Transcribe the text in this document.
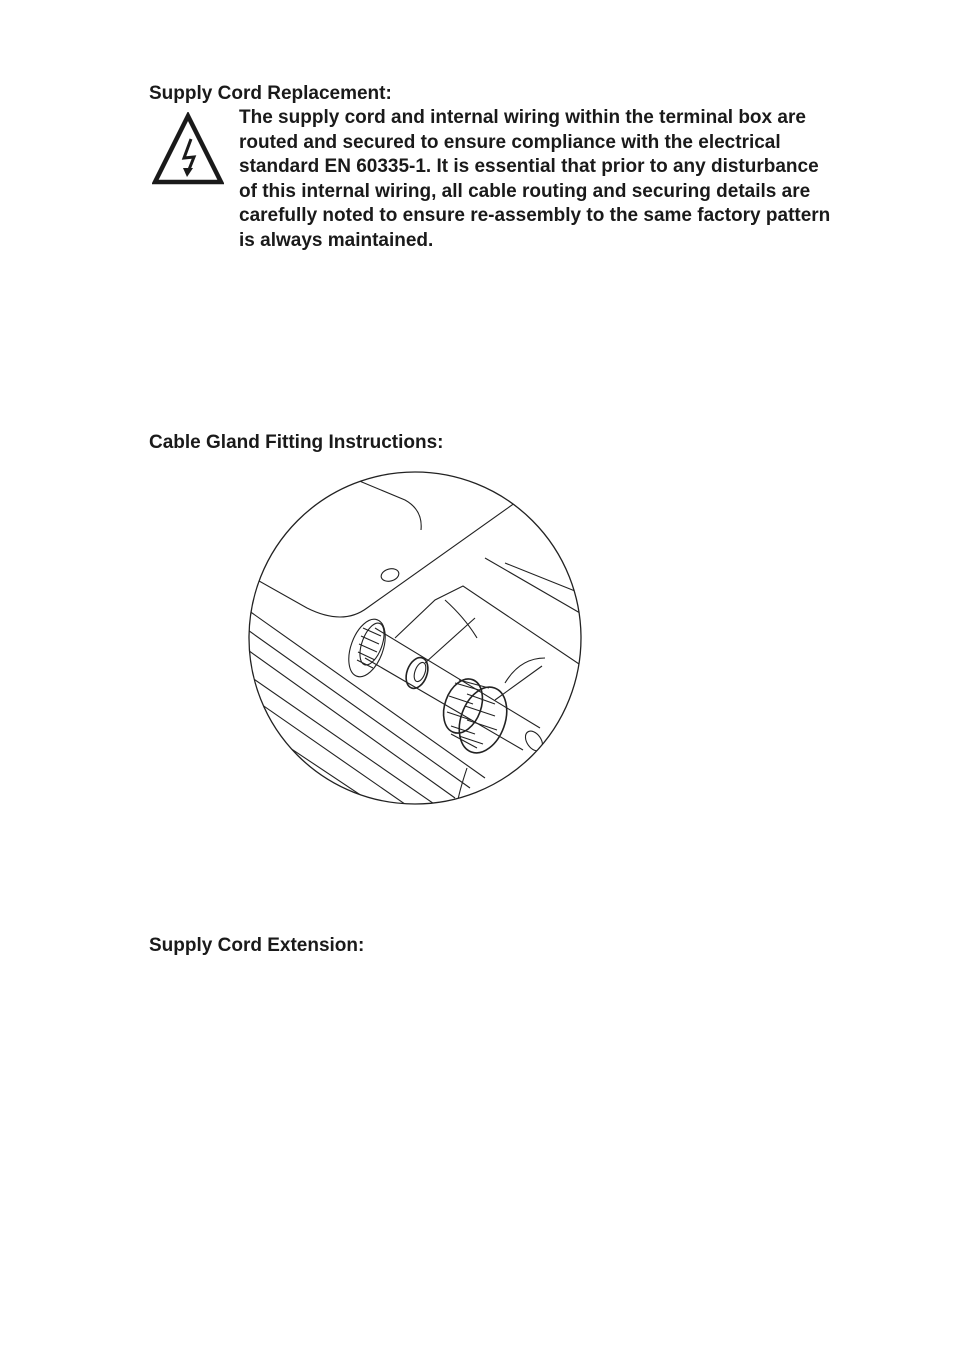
Supply Cord Replacement:
The supply cord and internal wiring within the terminal box are
routed and secured to ensure compliance with the electrical
standard EN 60335-1. It is essential that prior to any disturbance
of this internal wiring, all cable routing and securing details are
carefully noted to ensure re-assembly to the same factory pattern
is always maintained.
Cable Gland Fitting Instructions:
Supply Cord Extension:
